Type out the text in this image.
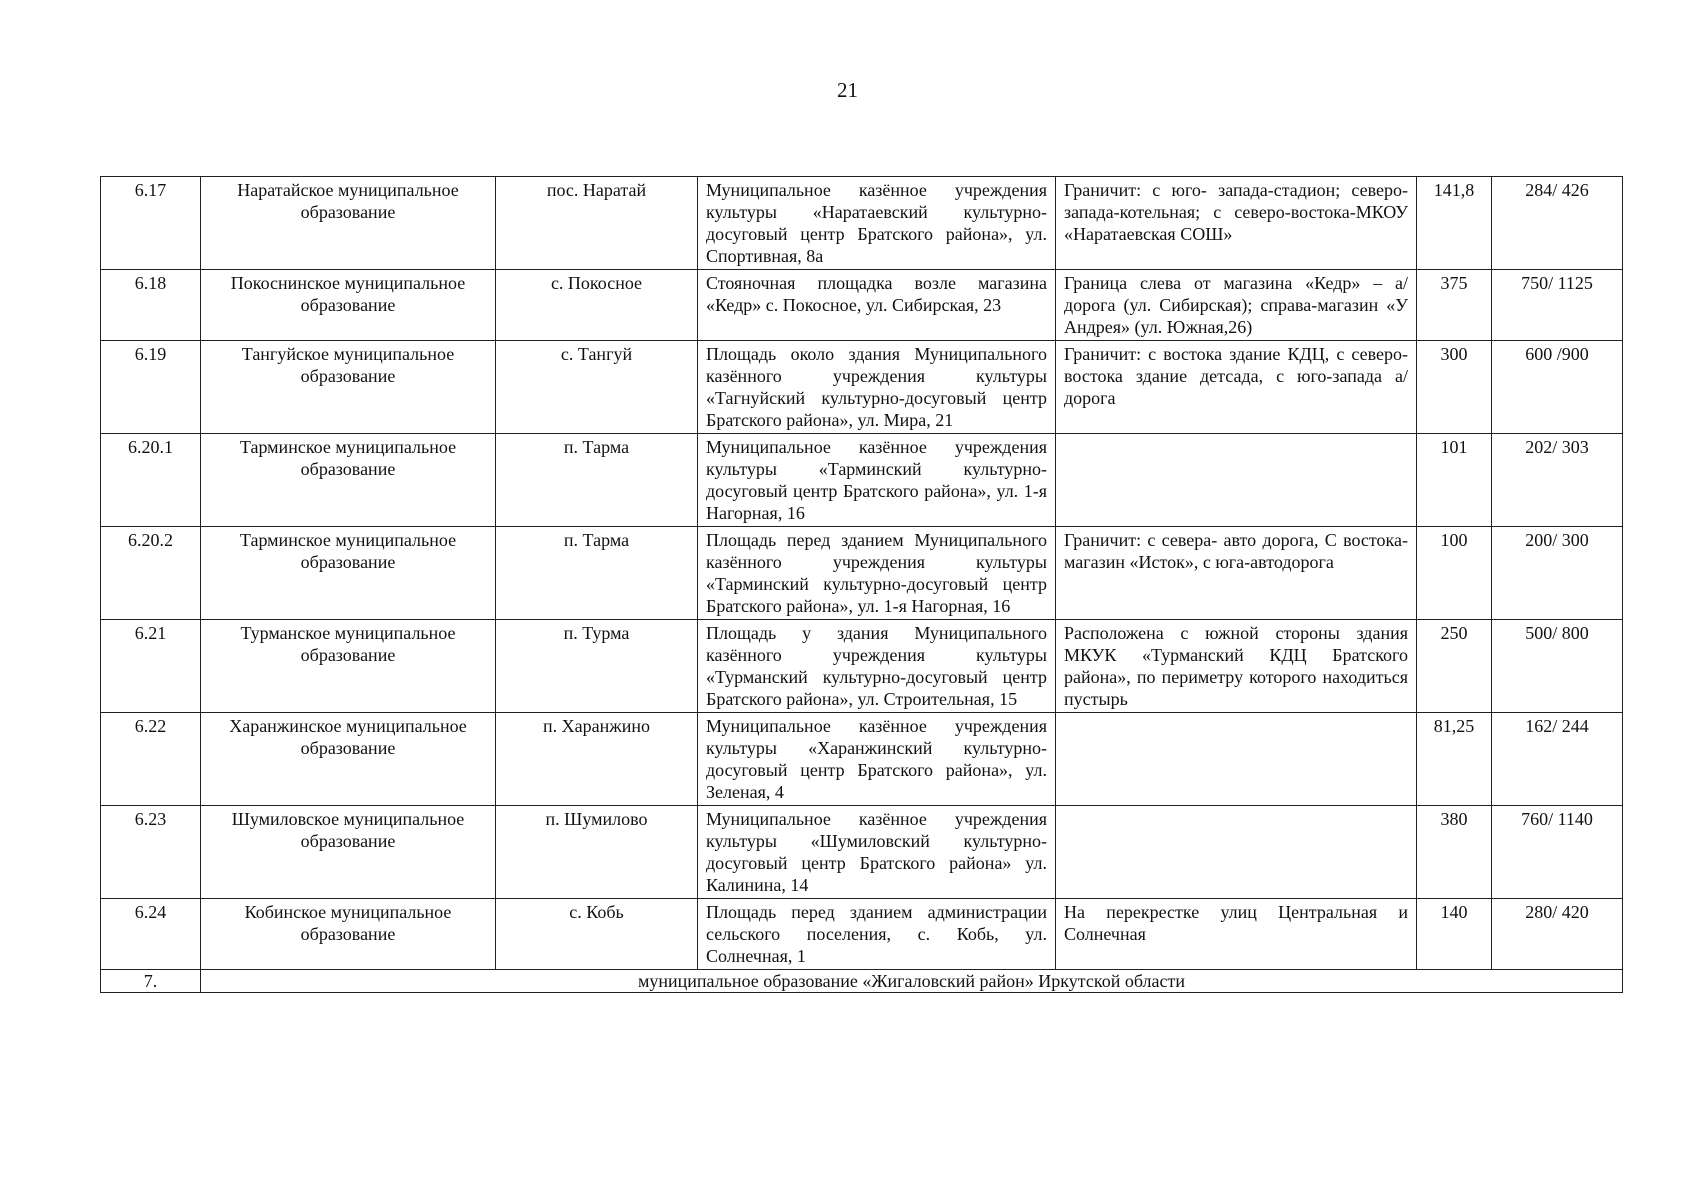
21
6.17	Наратайское муниципальное образование	пос. Наратай	Муниципальное казённое учреждения культуры «Наратаевский культурно-досуговый центр Братского района», ул. Спортивная, 8а	Граничит: с юго- запада-стадион; северо-запада-котельная; с северо-востока-МКОУ «Наратаевская СОШ»	141,8	284/ 426
6.18	Покоснинское муниципальное образование	с. Покосное	Стояночная площадка возле магазина «Кедр» с. Покосное, ул. Сибирская, 23	Граница слева от магазина «Кедр» – а/дорога (ул. Сибирская); справа-магазин «У Андрея» (ул. Южная,26)	375	750/ 1125
6.19	Тангуйское муниципальное образование	с. Тангуй	Площадь около здания Муниципального казённого учреждения культуры «Тагнуйский культурно-досуговый центр Братского района», ул. Мира, 21	Граничит: с востока здание КДЦ, с северо-востока здание детсада, с юго-запада а/дорога	300	600 /900
6.20.1	Тарминское муниципальное образование	п. Тарма	Муниципальное казённое учреждения культуры «Тарминский культурно-досуговый центр Братского района», ул. 1-я Нагорная, 16		101	202/ 303
6.20.2	Тарминское муниципальное образование	п. Тарма	Площадь перед зданием Муниципального казённого учреждения культуры «Тарминский культурно-досуговый центр Братского района», ул. 1-я Нагорная, 16	Граничит: с севера- авто дорога, С востока- магазин «Исток», с юга-автодорога	100	200/ 300
6.21	Турманское муниципальное образование	п. Турма	Площадь у здания Муниципального казённого учреждения культуры «Турманский культурно-досуговый центр Братского района», ул. Строительная, 15	Расположена с южной стороны здания МКУК «Турманский КДЦ Братского района», по периметру которого находиться пустырь	250	500/ 800
6.22	Харанжинское муниципальное образование	п. Харанжино	Муниципальное казённое учреждения культуры «Харанжинский культурно-досуговый центр Братского района», ул. Зеленая, 4		81,25	162/ 244
6.23	Шумиловское муниципальное образование	п. Шумилово	Муниципальное казённое учреждения культуры «Шумиловский культурно-досуговый центр Братского района» ул. Калинина, 14		380	760/ 1140
6.24	Кобинское муниципальное образование	с. Кобь	Площадь перед зданием администрации сельского поселения, с. Кобь, ул. Солнечная, 1	На перекрестке улиц Центральная и Солнечная	140	280/ 420
7.	муниципальное образование «Жигаловский район» Иркутской области					
